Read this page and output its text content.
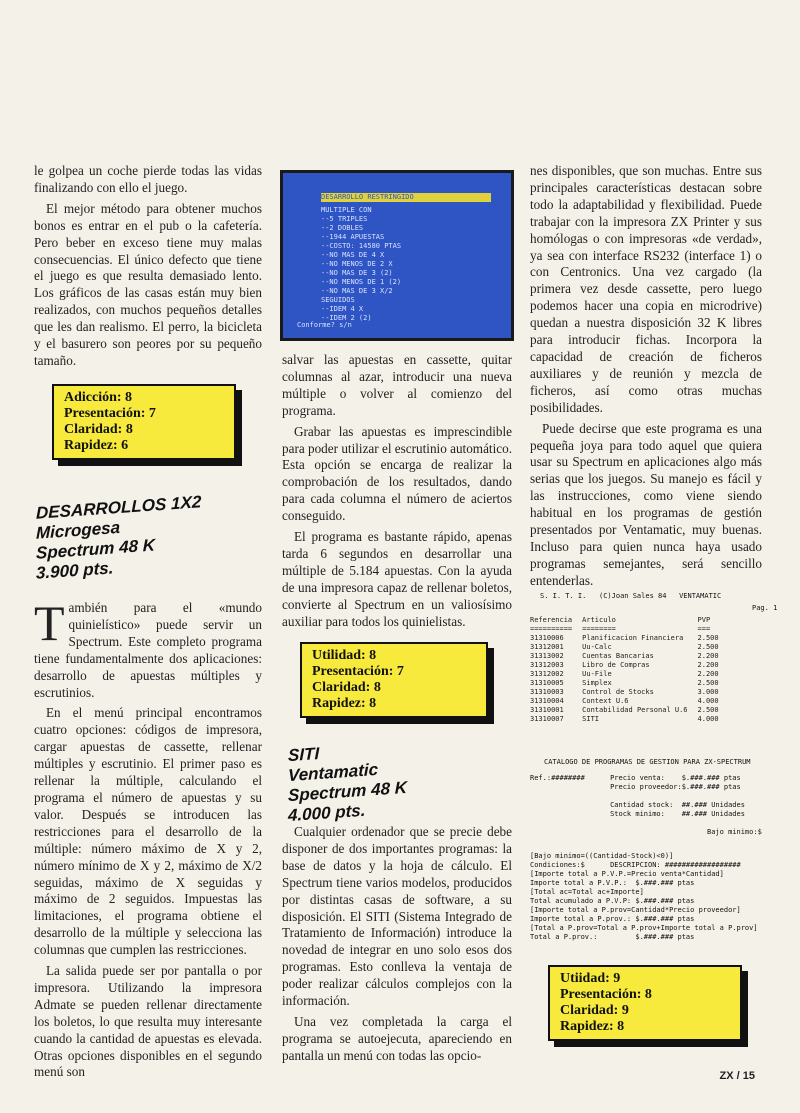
le golpea un coche pierde todas las vidas finalizando con ello el juego.

El mejor método para obtener muchos bonos es entrar en el pub o la cafetería. Pero beber en exceso tiene muy malas consecuencias. El único defecto que tiene el juego es que resulta demasiado lento. Los gráficos de las casas están muy bien realizados, con muchos pequeños detalles que les dan realismo. El perro, la bicicleta y el basurero son peores por su pequeño tamaño.

Adicción: 8
Presentación: 7
Claridad: 8
Rapidez: 6
DESARROLLOS 1X2
Microgesa
Spectrum 48 K
3.900 pts.

También para el «mundo quinielístico» puede servir un Spectrum. Este completo programa tiene fundamentalmente dos aplicaciones: desarrollo de apuestas múltiples y escrutinios.

En el menú principal encontramos cuatro opciones: códigos de impresora, cargar apuestas de cassette, rellenar múltiples y escrutinio. El primer paso es rellenar la múltiple, calculando el programa el número de apuestas y su valor. Después se introducen las restricciones para el desarrollo de la múltiple: número máximo de X y 2, número mínimo de X y 2, máximo de X/2 seguidas, máximo de X seguidas y máximo de 2 seguidos. Impuestas las limitaciones, el programa obtiene el desarrollo de la múltiple y selecciona las columnas que cumplen las restricciones.

La salida puede ser por pantalla o por impresora. Utilizando la impresora Admate se pueden rellenar directamente los boletos, lo que resulta muy interesante cuando la cantidad de apuestas es elevada. Otras opciones disponibles en el segundo menú son

DESARROLLO RESTRINGIDO
MULTIPLE CON
--5 TRIPLES
--2 DOBLES
--1944 APUESTAS
--COSTO: 14580 PTAS
--NO MAS DE 4 X
--NO MENOS DE 2 X
--NO MAS DE 3 (2)
--NO MENOS DE 1 (2)
--NO MAS DE 3 X/2
SEGUIDOS
--IDEM 4 X
--IDEM 2 (2)
Conforme? s/n

salvar las apuestas en cassette, quitar columnas al azar, introducir una nueva múltiple o volver al comienzo del programa.

Grabar las apuestas es imprescindible para poder utilizar el escrutinio automático. Esta opción se encarga de realizar la comprobación de los resultados, dando para cada columna el número de aciertos conseguido.

El programa es bastante rápido, apenas tarda 6 segundos en desarrollar una múltiple de 5.184 apuestas. Con la ayuda de una impresora capaz de rellenar boletos, convierte al Spectrum en un valiosísimo auxiliar para todos los quinielistas.

Utilidad: 8
Presentación: 7
Claridad: 8
Rapidez: 8
SITI
Ventamatic
Spectrum 48 K
4.000 pts.

Cualquier ordenador que se precie debe disponer de dos importantes programas: la base de datos y la hoja de cálculo. El Spectrum tiene varios modelos, producidos por distintas casas de software, a su disposición. El SITI (Sistema Integrado de Tratamiento de Información) introduce la novedad de integrar en uno solo esos dos programas. Esto conlleva la ventaja de poder realizar cálculos complejos con la información.

Una vez completada la carga el programa se autoejecuta, apareciendo en pantalla un menú con todas las opcio-

nes disponibles, que son muchas. Entre sus principales características destacan sobre todo la adaptabilidad y flexibilidad. Puede trabajar con la impresora ZX Printer y sus homólogas o con impresoras «de verdad», ya sea con interface RS232 (interface 1) o con Centronics. Una vez cargado (la primera vez desde cassette, pero luego podemos hacer una copia en microdrive) quedan a nuestra disposición 32 K libres para introducir fichas. Incorpora la capacidad de creación de ficheros auxiliares y de reunión y mezcla de ficheros, así como otras muchas posibilidades.

Puede decirse que este programa es una pequeña joya para todo aquel que quiera usar su Spectrum en aplicaciones algo más serias que los juegos. Su manejo es fácil y las instrucciones, como viene siendo habitual en los programas de gestión presentados por Ventamatic, muy buenas. Incluso para quien nunca haya usado programas semejantes, será sencillo entenderlas.

S. I. T. I.   (C)Joan Sales 84   VENTAMATIC
Pag. 1
Referencia	Articulo	PVP
==========	========	===
31310006	Planificacion Financiera	2.500
31312001	Uu-Calc	2.500
31313002	Cuentas Bancarias	2.200
31312003	Libro de Compras	2.200
31312002	Uu-File	2.200
31310005	Simplex	2.500
31310003	Control de Stocks	3.000
31310004	Context U.6	4.000
31310001	Contabilidad Personal U.6	2.500
31310007	SITI	4.000
CATALOGO DE PROGRAMAS DE GESTION PARA ZX-SPECTRUM
Ref.:########      Precio venta:    $.###.### ptas
Precio proveedor:$.###.### ptas
Cantidad stock:  ##.### Unidades
Stock minimo:    ##.### Unidades
Bajo minimo:$
[Bajo minimo=((Cantidad-Stock)<0)]
Condiciones:$      DESCRIPCION: ##################
[Importe total a P.V.P.=Precio venta*Cantidad]
Importe total a P.V.P.:  $.###.### ptas
[Total ac=Total ac+Importe]
Total acumulado a P.V.P: $.###.### ptas
[Importe total a P.prov=Cantidad*Precio proveedor]
Importe total a P.prov.: $.###.### ptas
[Total a P.prov=Total a P.prov+Importe total a P.prov]
Total a P.prov.:         $.###.### ptas
Utiidad: 9
Presentación: 8
Claridad: 9
Rapidez: 8
ZX / 15
